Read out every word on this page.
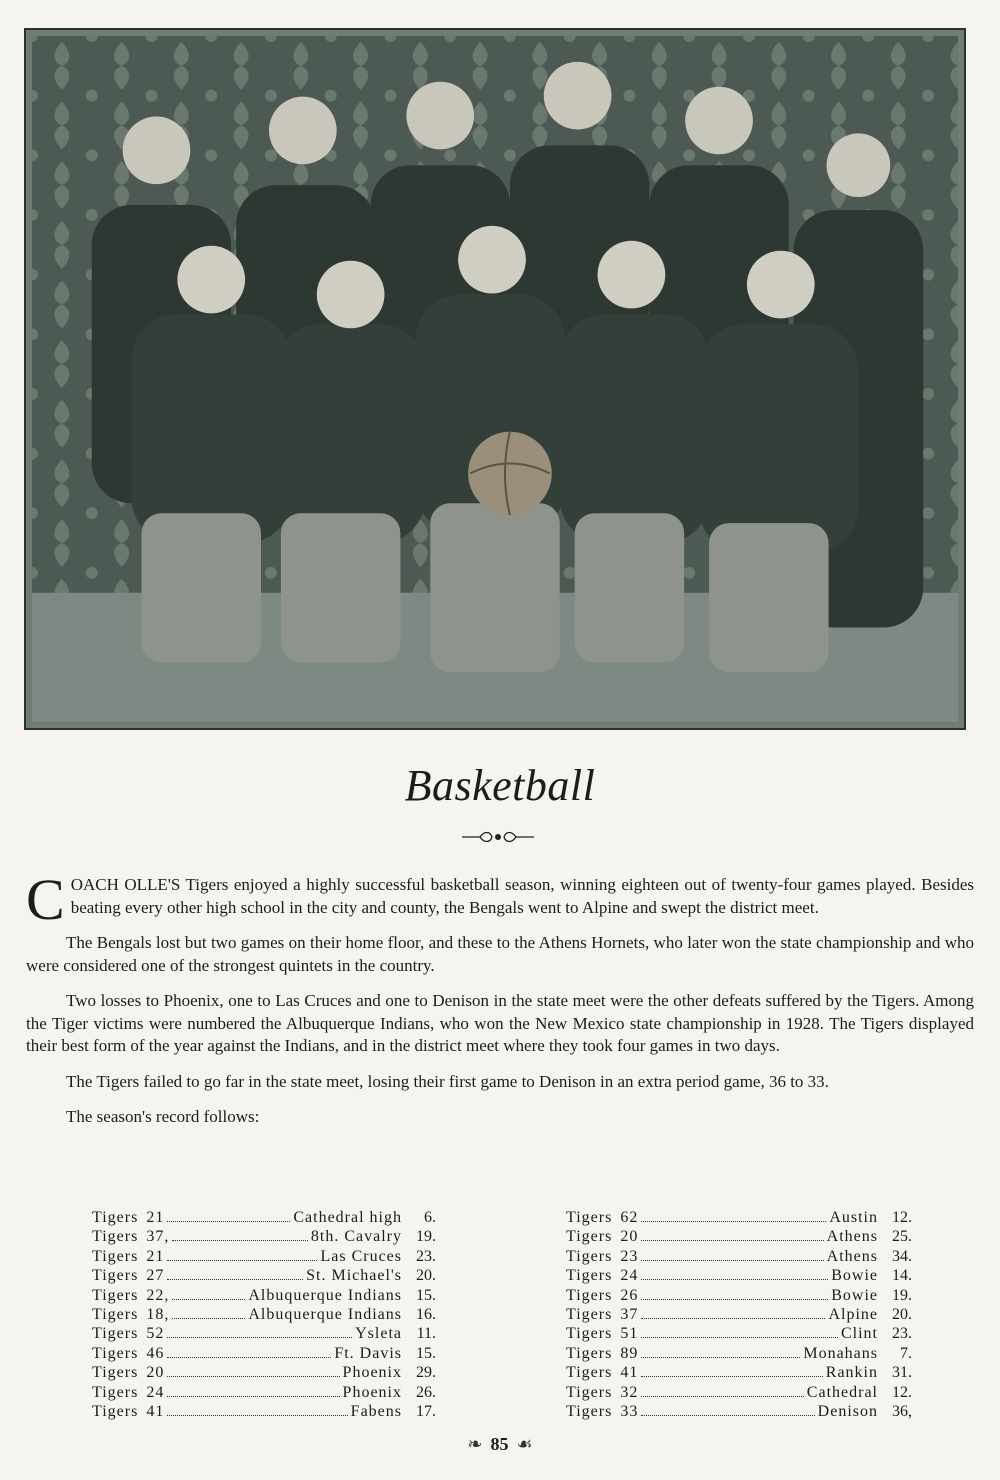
Basketball

COACH OLLE'S Tigers enjoyed a highly successful basketball season, winning eighteen out of twenty-four games played. Besides beating every other high school in the city and county, the Bengals went to Alpine and swept the district meet.

The Bengals lost but two games on their home floor, and these to the Athens Hornets, who later won the state championship and who were considered one of the strongest quintets in the country.

Two losses to Phoenix, one to Las Cruces and one to Denison in the state meet were the other defeats suffered by the Tigers. Among the Tiger victims were numbered the Albuquerque Indians, who won the New Mexico state championship in 1928. The Tigers displayed their best form of the year against the Indians, and in the district meet where they took four games in two days.

The Tigers failed to go far in the state meet, losing their first game to Denison in an extra period game, 36 to 33.

The season's record follows:

Tigers 21	Cathedral high	6.
Tigers 37,	8th. Cavalry 19.
Tigers 21	Las Cruces 23.
Tigers 27	St. Michael's 20.
Tigers 22,	Albuquerque Indians 15.
Tigers 18,	Albuquerque Indians 16.
Tigers 52	Ysleta 11.
Tigers 46	Ft. Davis 15.
Tigers 20	Phoenix 29.
Tigers 24	Phoenix 26.
Tigers 41	Fabens 17.
Tigers 62	Austin 12.
Tigers 20	Athens 25.
Tigers 23	Athens 34.
Tigers 24	Bowie 14.
Tigers 26	Bowie 19.
Tigers 37	Alpine 20.
Tigers 51	Clint 23.
Tigers 89	Monahans	7.
Tigers 41	Rankin 31.
Tigers 32	Cathedral 12.
Tigers 33	Denison 36,
❧ 85 ☙
